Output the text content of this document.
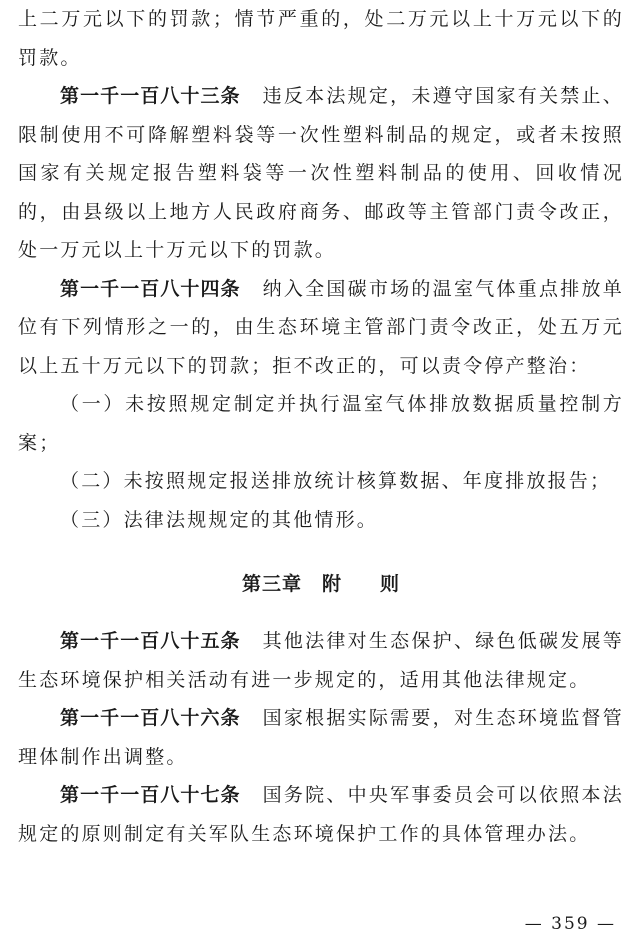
上二万元以下的罚款；情节严重的，处二万元以上十万元以下的罚款。

第一千一百八十三条 违反本法规定，未遵守国家有关禁止、限制使用不可降解塑料袋等一次性塑料制品的规定，或者未按照国家有关规定报告塑料袋等一次性塑料制品的使用、回收情况的，由县级以上地方人民政府商务、邮政等主管部门责令改正，处一万元以上十万元以下的罚款。

第一千一百八十四条 纳入全国碳市场的温室气体重点排放单位有下列情形之一的，由生态环境主管部门责令改正，处五万元以上五十万元以下的罚款；拒不改正的，可以责令停产整治：

（一）未按照规定制定并执行温室气体排放数据质量控制方案；

（二）未按照规定报送排放统计核算数据、年度排放报告；

（三）法律法规规定的其他情形。

第三章 附 则

第一千一百八十五条 其他法律对生态保护、绿色低碳发展等生态环境保护相关活动有进一步规定的，适用其他法律规定。

第一千一百八十六条 国家根据实际需要，对生态环境监督管理体制作出调整。

第一千一百八十七条 国务院、中央军事委员会可以依照本法规定的原则制定有关军队生态环境保护工作的具体管理办法。

— 359 —
